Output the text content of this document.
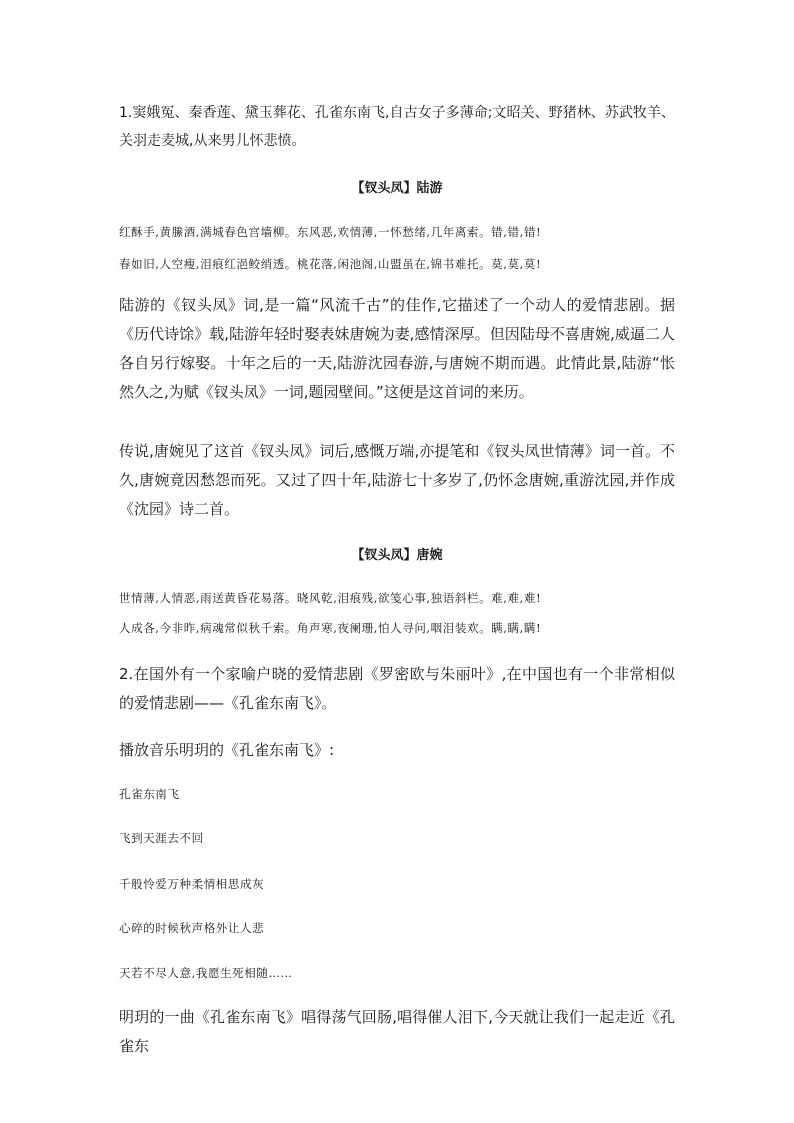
1.窦娥冤、秦香莲、黛玉葬花、孔雀东南飞,自古女子多薄命;文昭关、野猪林、苏武牧羊、关羽走麦城,从来男儿怀悲愤。

【钗头凤】陆游

红酥手,黄縢酒,满城春色宫墙柳。东风恶,欢情薄,一怀愁绪,几年离索。错,错,错!

春如旧,人空瘦,泪痕红浥鲛绡透。桃花落,闲池阁,山盟虽在,锦书难托。莫,莫,莫!

陆游的《钗头凤》词,是一篇“风流千古”的佳作,它描述了一个动人的爱情悲剧。据《历代诗馀》载,陆游年轻时娶表妹唐婉为妻,感情深厚。但因陆母不喜唐婉,威逼二人各自另行嫁娶。十年之后的一天,陆游沈园春游,与唐婉不期而遇。此情此景,陆游“怅然久之,为赋《钗头凤》一词,题园壁间。”这便是这首词的来历。

传说,唐婉见了这首《钗头凤》词后,感慨万端,亦提笔和《钗头凤世情薄》词一首。不久,唐婉竟因愁怨而死。又过了四十年,陆游七十多岁了,仍怀念唐婉,重游沈园,并作成《沈园》诗二首。

【钗头凤】唐婉

世情薄,人情恶,雨送黄昏花易落。晓风乾,泪痕残,欲笺心事,独语斜栏。难,难,难!

人成各,今非昨,病魂常似秋千索。角声寒,夜阑珊,怕人寻问,咽泪装欢。瞒,瞒,瞒!

2.在国外有一个家喻户晓的爱情悲剧《罗密欧与朱丽叶》,在中国也有一个非常相似的爱情悲剧——《孔雀东南飞》。

播放音乐明玥的《孔雀东南飞》:

孔雀东南飞

飞到天涯去不回

千般怜爱万种柔情相思成灰

心碎的时候秋声格外让人悲

天若不尽人意,我愿生死相随……

明玥的一曲《孔雀东南飞》唱得荡气回肠,唱得催人泪下,今天就让我们一起走近《孔雀东
